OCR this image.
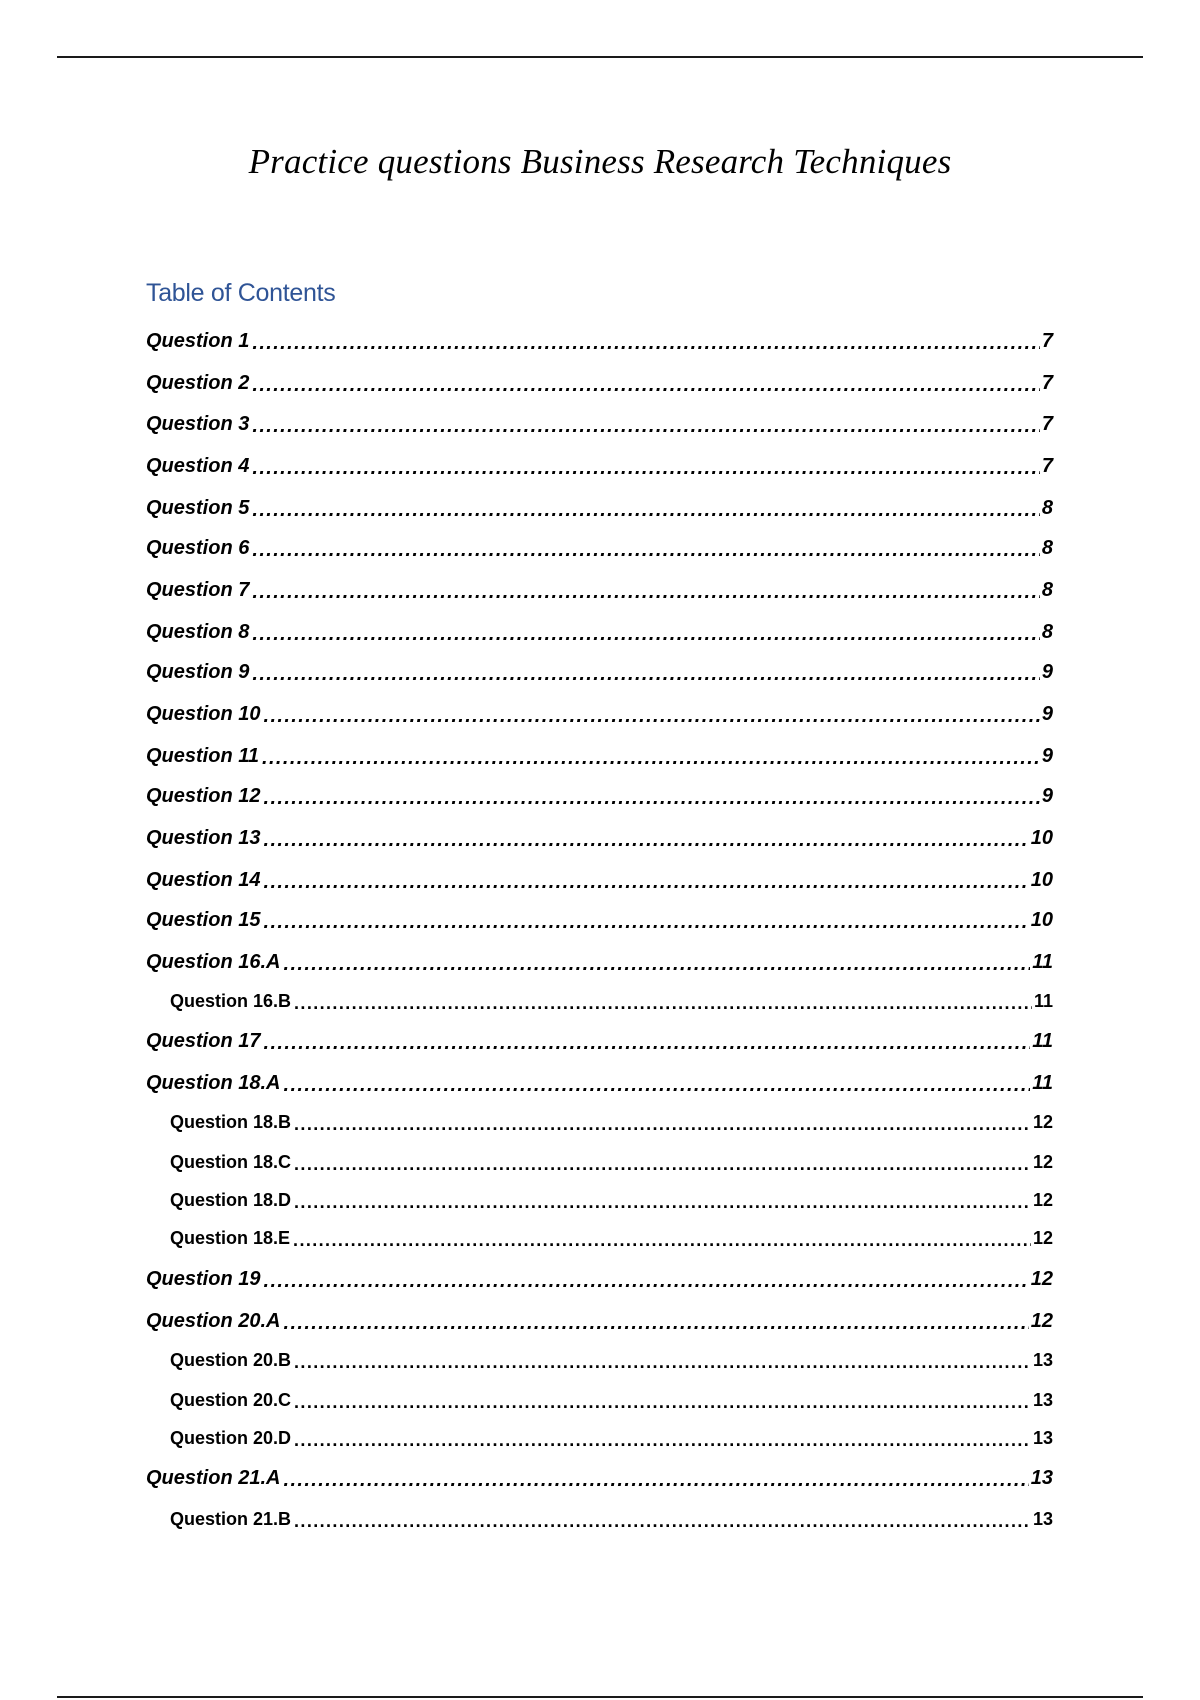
Practice questions Business Research Techniques
Table of Contents
Question 1 .....	7
Question 2 .....	7
Question 3 .....	7
Question 4 .....	7
Question 5 .....	8
Question 6 .....	8
Question 7 .....	8
Question 8 .....	8
Question 9 .....	9
Question 10 .....	9
Question 11 .....	9
Question 12 .....	9
Question 13 .....	10
Question 14 .....	10
Question 15 .....	10
Question 16.A .....	11
Question 16.B .....	11
Question 17 .....	11
Question 18.A .....	11
Question 18.B .....	12
Question 18.C .....	12
Question 18.D .....	12
Question 18.E .....	12
Question 19 .....	12
Question 20.A .....	12
Question 20.B .....	13
Question 20.C .....	13
Question 20.D .....	13
Question 21.A .....	13
Question 21.B .....	13
